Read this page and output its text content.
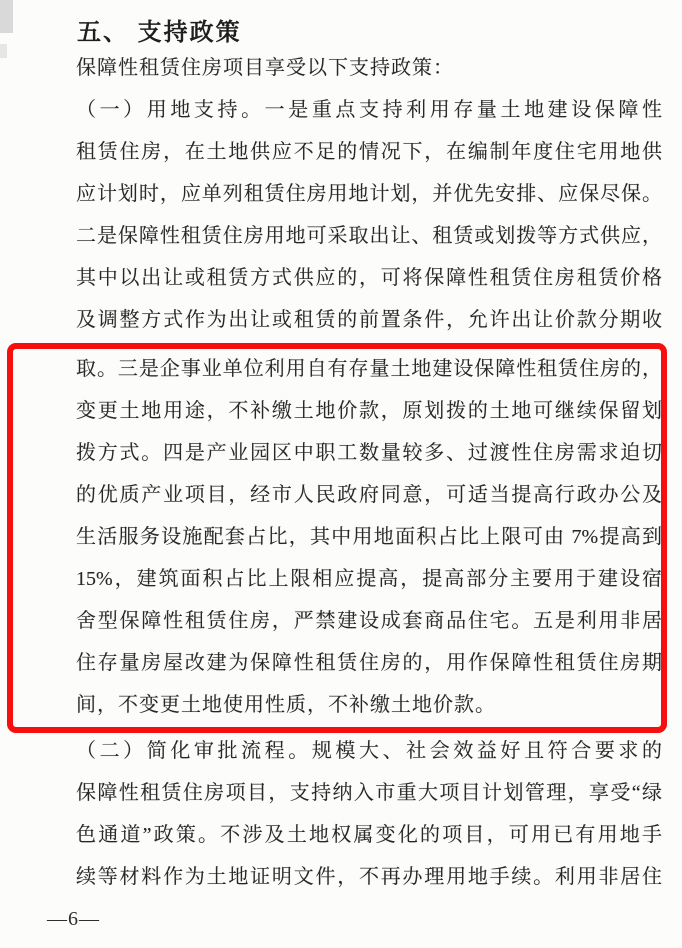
五、 支持政策
保障性租赁住房项目享受以下支持政策：
（一）用地支持。一是重点支持利用存量土地建设保障性
租赁住房，在土地供应不足的情况下，在编制年度住宅用地供
应计划时，应单列租赁住房用地计划，并优先安排、应保尽保。
二是保障性租赁住房用地可采取出让、租赁或划拨等方式供应，
其中以出让或租赁方式供应的，可将保障性租赁住房租赁价格
及调整方式作为出让或租赁的前置条件，允许出让价款分期收
取。三是企事业单位利用自有存量土地建设保障性租赁住房的，
变更土地用途，不补缴土地价款，原划拨的土地可继续保留划
拨方式。四是产业园区中职工数量较多、过渡性住房需求迫切
的优质产业项目，经市人民政府同意，可适当提高行政办公及
生活服务设施配套占比，其中用地面积占比上限可由 7%提高到
15%，建筑面积占比上限相应提高，提高部分主要用于建设宿
舍型保障性租赁住房，严禁建设成套商品住宅。五是利用非居
住存量房屋改建为保障性租赁住房的，用作保障性租赁住房期
间，不变更土地使用性质，不补缴土地价款。
（二）简化审批流程。规模大、社会效益好且符合要求的
保障性租赁住房项目，支持纳入市重大项目计划管理，享受“绿
色通道”政策。不涉及土地权属变化的项目，可用已有用地手
续等材料作为土地证明文件，不再办理用地手续。利用非居住
—6—
